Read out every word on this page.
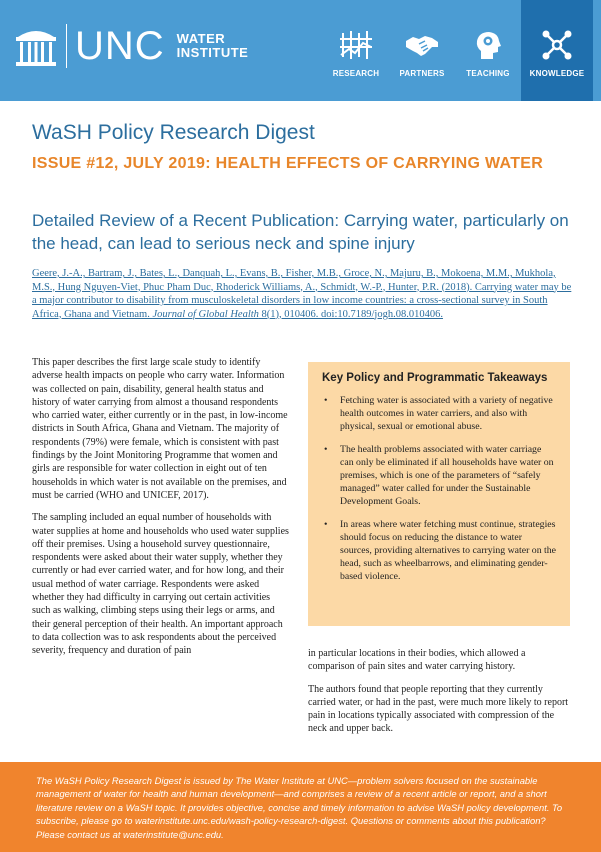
UNC WATER
INSTITUTE
RESEARCH	PARTNERS	TEACHING KNOWLEDGE
WaSH Policy Research Digest
ISSUE #12, JULY 2019: HEALTH EFFECTS OF CARRYING WATER
Detailed Review of a Recent Publication: Carrying water, particularly on the head, can lead to serious neck and spine injury
Geere, J.-A., Bartram, J., Bates, L., Danquah, L., Evans, B., Fisher, M.B., Groce, N., Majuru, B., Mokoena, M.M., Mukhola, M.S., Hung Nguyen-Viet, Phuc Pham Duc, Rhoderick Williams, A., Schmidt, W.-P., Hunter, P.R. (2018). Carrying water may be a major contributor to disability from musculoskeletal disorders in low income countries: a cross-sectional survey in South Africa, Ghana and Vietnam. Journal of Global Health 8(1), 010406. doi:10.7189/jogh.08.010406.

This paper describes the first large scale study to identify adverse health impacts on people who carry water. Information was collected on pain, disability, general health status and history of water carrying from almost a thousand respondents who carried water, either currently or in the past, in low-income districts in South Africa, Ghana and Vietnam. The majority of respondents (79%) were female, which is consistent with past findings by the Joint Monitoring Programme that women and girls are responsible for water collection in eight out of ten households in which water is not available on the premises, and must be carried (WHO and UNICEF, 2017).

The sampling included an equal number of households with water supplies at home and households who used water supplies off their premises. Using a household survey questionnaire, respondents were asked about their water supply, whether they currently or had ever carried water, and for how long, and their usual method of water carriage. Respondents were asked whether they had difficulty in carrying out certain activities such as walking, climbing steps using their legs or arms, and their general perception of their health. An important approach to data collection was to ask respondents about the perceived severity, frequency and duration of pain

Key Policy and Programmatic Takeaways
• Fetching water is associated with a variety of negative health outcomes in water carriers, and also with physical, sexual or emotional abuse.
• The health problems associated with water carriage can only be eliminated if all households have water on premises, which is one of the parameters of “safely managed” water called for under the Sustainable Development Goals.
• In areas where water fetching must continue, strategies should focus on reducing the distance to water sources, providing alternatives to carrying water on the head, such as wheelbarrows, and eliminating gender-based violence.

in particular locations in their bodies, which allowed a comparison of pain sites and water carrying history.

The authors found that people reporting that they currently carried water, or had in the past, were much more likely to report pain in locations typically associated with compression of the neck and upper back.

The WaSH Policy Research Digest is issued by The Water Institute at UNC—problem solvers focused on the sustainable management of water for health and human development—and comprises a review of a recent article or report, and a short literature review on a WaSH topic. It provides objective, concise and timely information to advise WaSH policy development. To subscribe, please go to waterinstitute.unc.edu/wash-policy-research-digest. Questions or comments about this publication? Please contact us at waterinstitute@unc.edu.
